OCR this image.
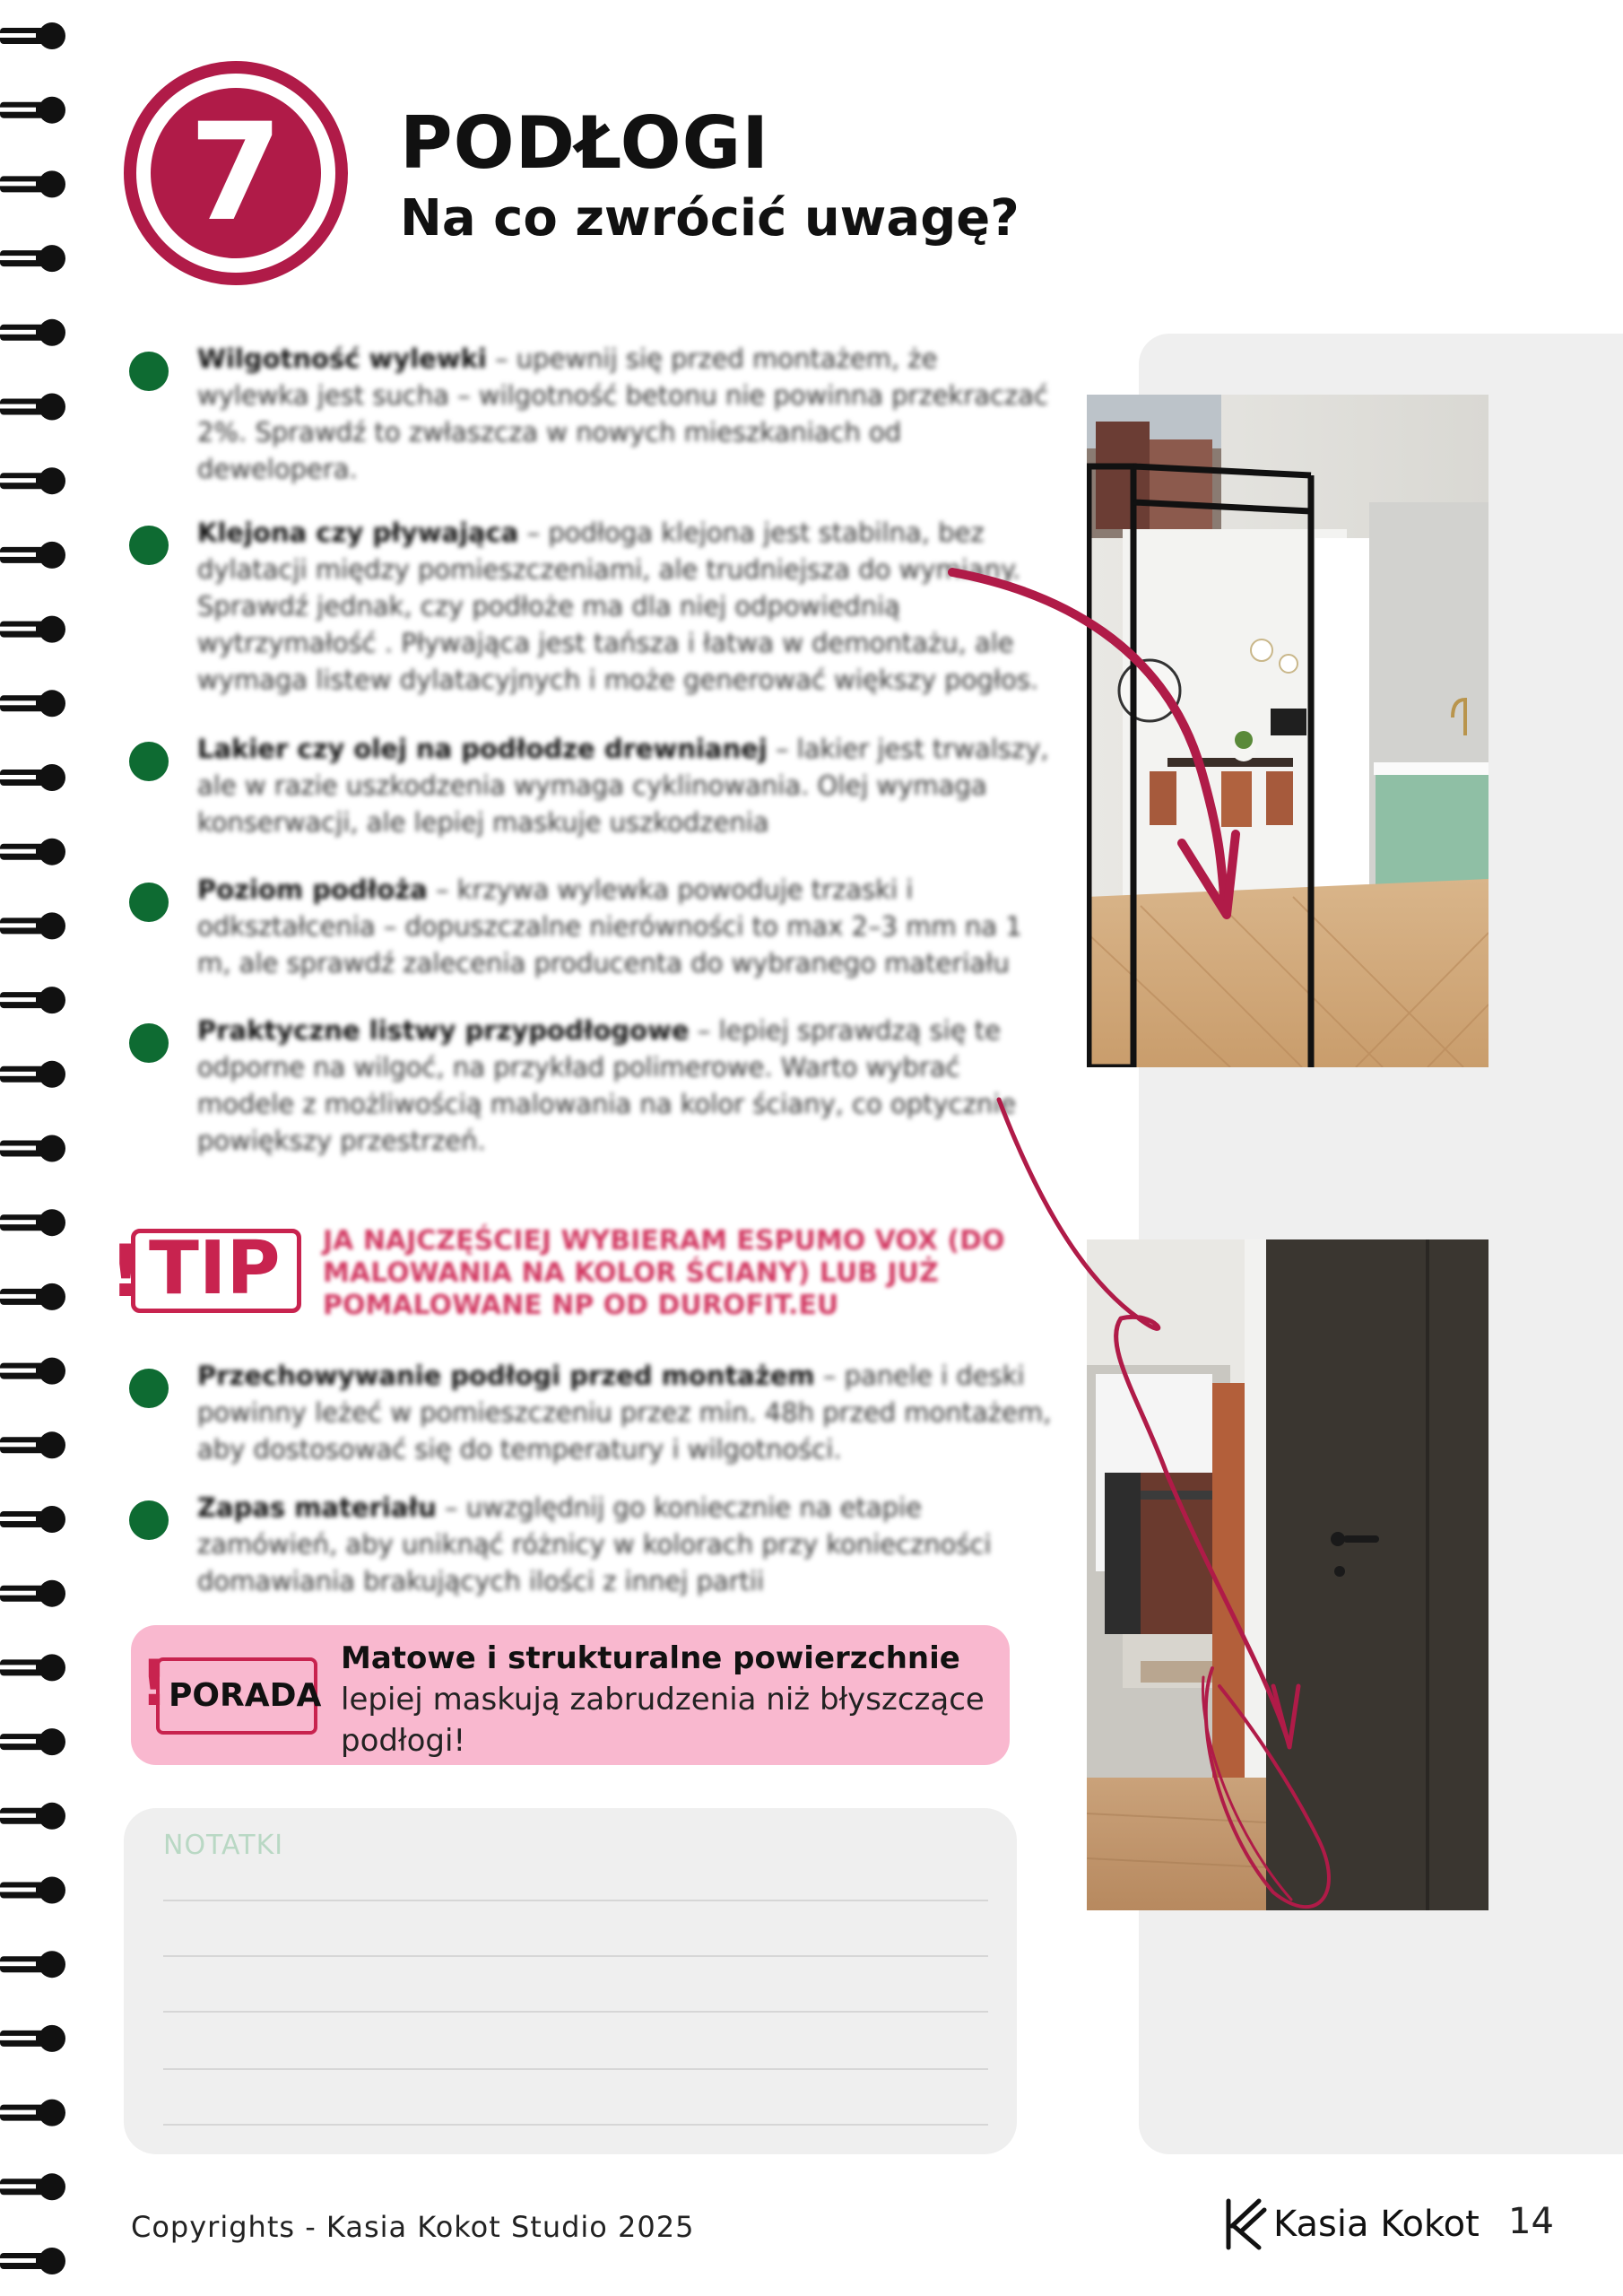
7	PODŁOGI
Na co zwrócić uwagę?
Wilgotność wylewki – upewnij się przed montażem, że wylewka jest sucha – wilgotność betonu nie powinna przekraczać 2%. Sprawdź to zwłaszcza w nowych mieszkaniach od dewelopera.
Klejona czy pływająca – podłoga klejona jest stabilna, bez dylatacji między pomieszczeniami, ale trudniejsza do wymiany. Sprawdź jednak, czy podłoże ma dla niej odpowiednią wytrzymałość . Pływająca jest tańsza i łatwa w demontażu, ale wymaga listew dylatacyjnych i może generować większy pogłos.
Lakier czy olej na podłodze drewnianej – lakier jest trwalszy, ale w razie uszkodzenia wymaga cyklinowania. Olej wymaga konserwacji, ale lepiej maskuje uszkodzenia
Poziom podłoża – krzywa wylewka powoduje trzaski i odkształcenia – dopuszczalne nierówności to max 2–3 mm na 1 m, ale sprawdź zalecenia producenta do wybranego materiału
Praktyczne listwy przypodłogowe – lepiej sprawdzą się te odporne na wilgoć, na przykład polimerowe. Warto wybrać modele z możliwością malowania na kolor ściany, co optycznie powiększy przestrzeń.
! TIP JA NAJCZĘŚCIEJ WYBIERAM ESPUMO VOX (DO MALOWANIA NA KOLOR ŚCIANY) LUB JUŻ POMALOWANE NP OD DUROFIT.EU
Przechowywanie podłogi przed montażem – panele i deski powinny leżeć w pomieszczeniu przez min. 48h przed montażem, aby dostosować się do temperatury i wilgotności.
Zapas materiału – uwzględnij go koniecznie na etapie zamówień, aby uniknąć różnicy w kolorach przy konieczności domawiania brakujących ilości z innej partii
! PORADA
Matowe i strukturalne powierzchnie lepiej maskują zabrudzenia niż błyszczące podłogi!
NOTATKI
Copyrights - Kasia Kokot Studio 2025	Kasia Kokot 14
